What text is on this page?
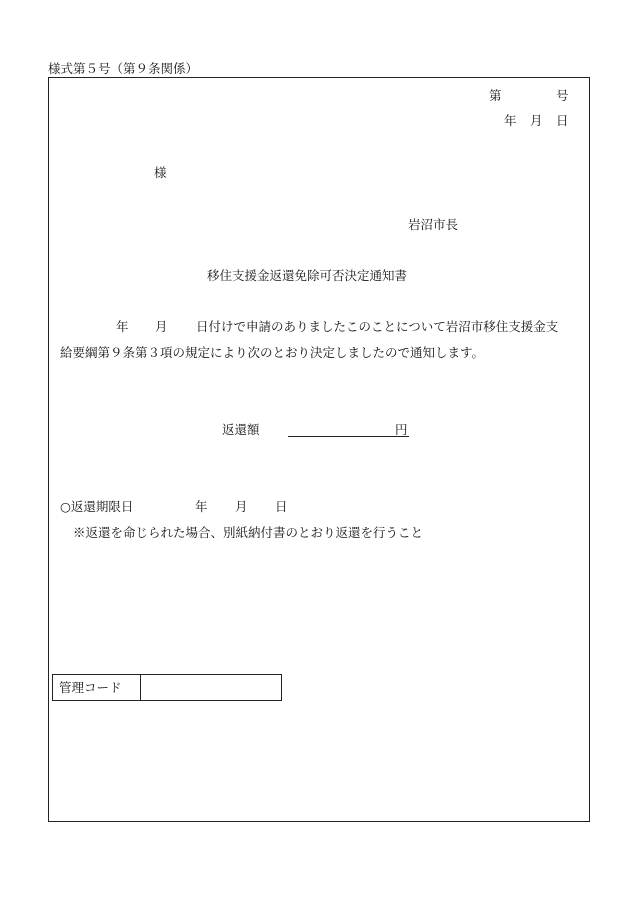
様式第５号（第９条関係）
第	号
年 月 日
様
岩沼市長
移住支援金返還免除可否決定通知書
年 月 日付けで申請のありましたこのことについて岩沼市移住支援金支
給要綱第９条第３項の規定により次のとおり決定しましたので通知します。
返還額	円
○返還期限日	年 月 日
※返還を命じられた場合、別紙納付書のとおり返還を行うこと
管理コード
